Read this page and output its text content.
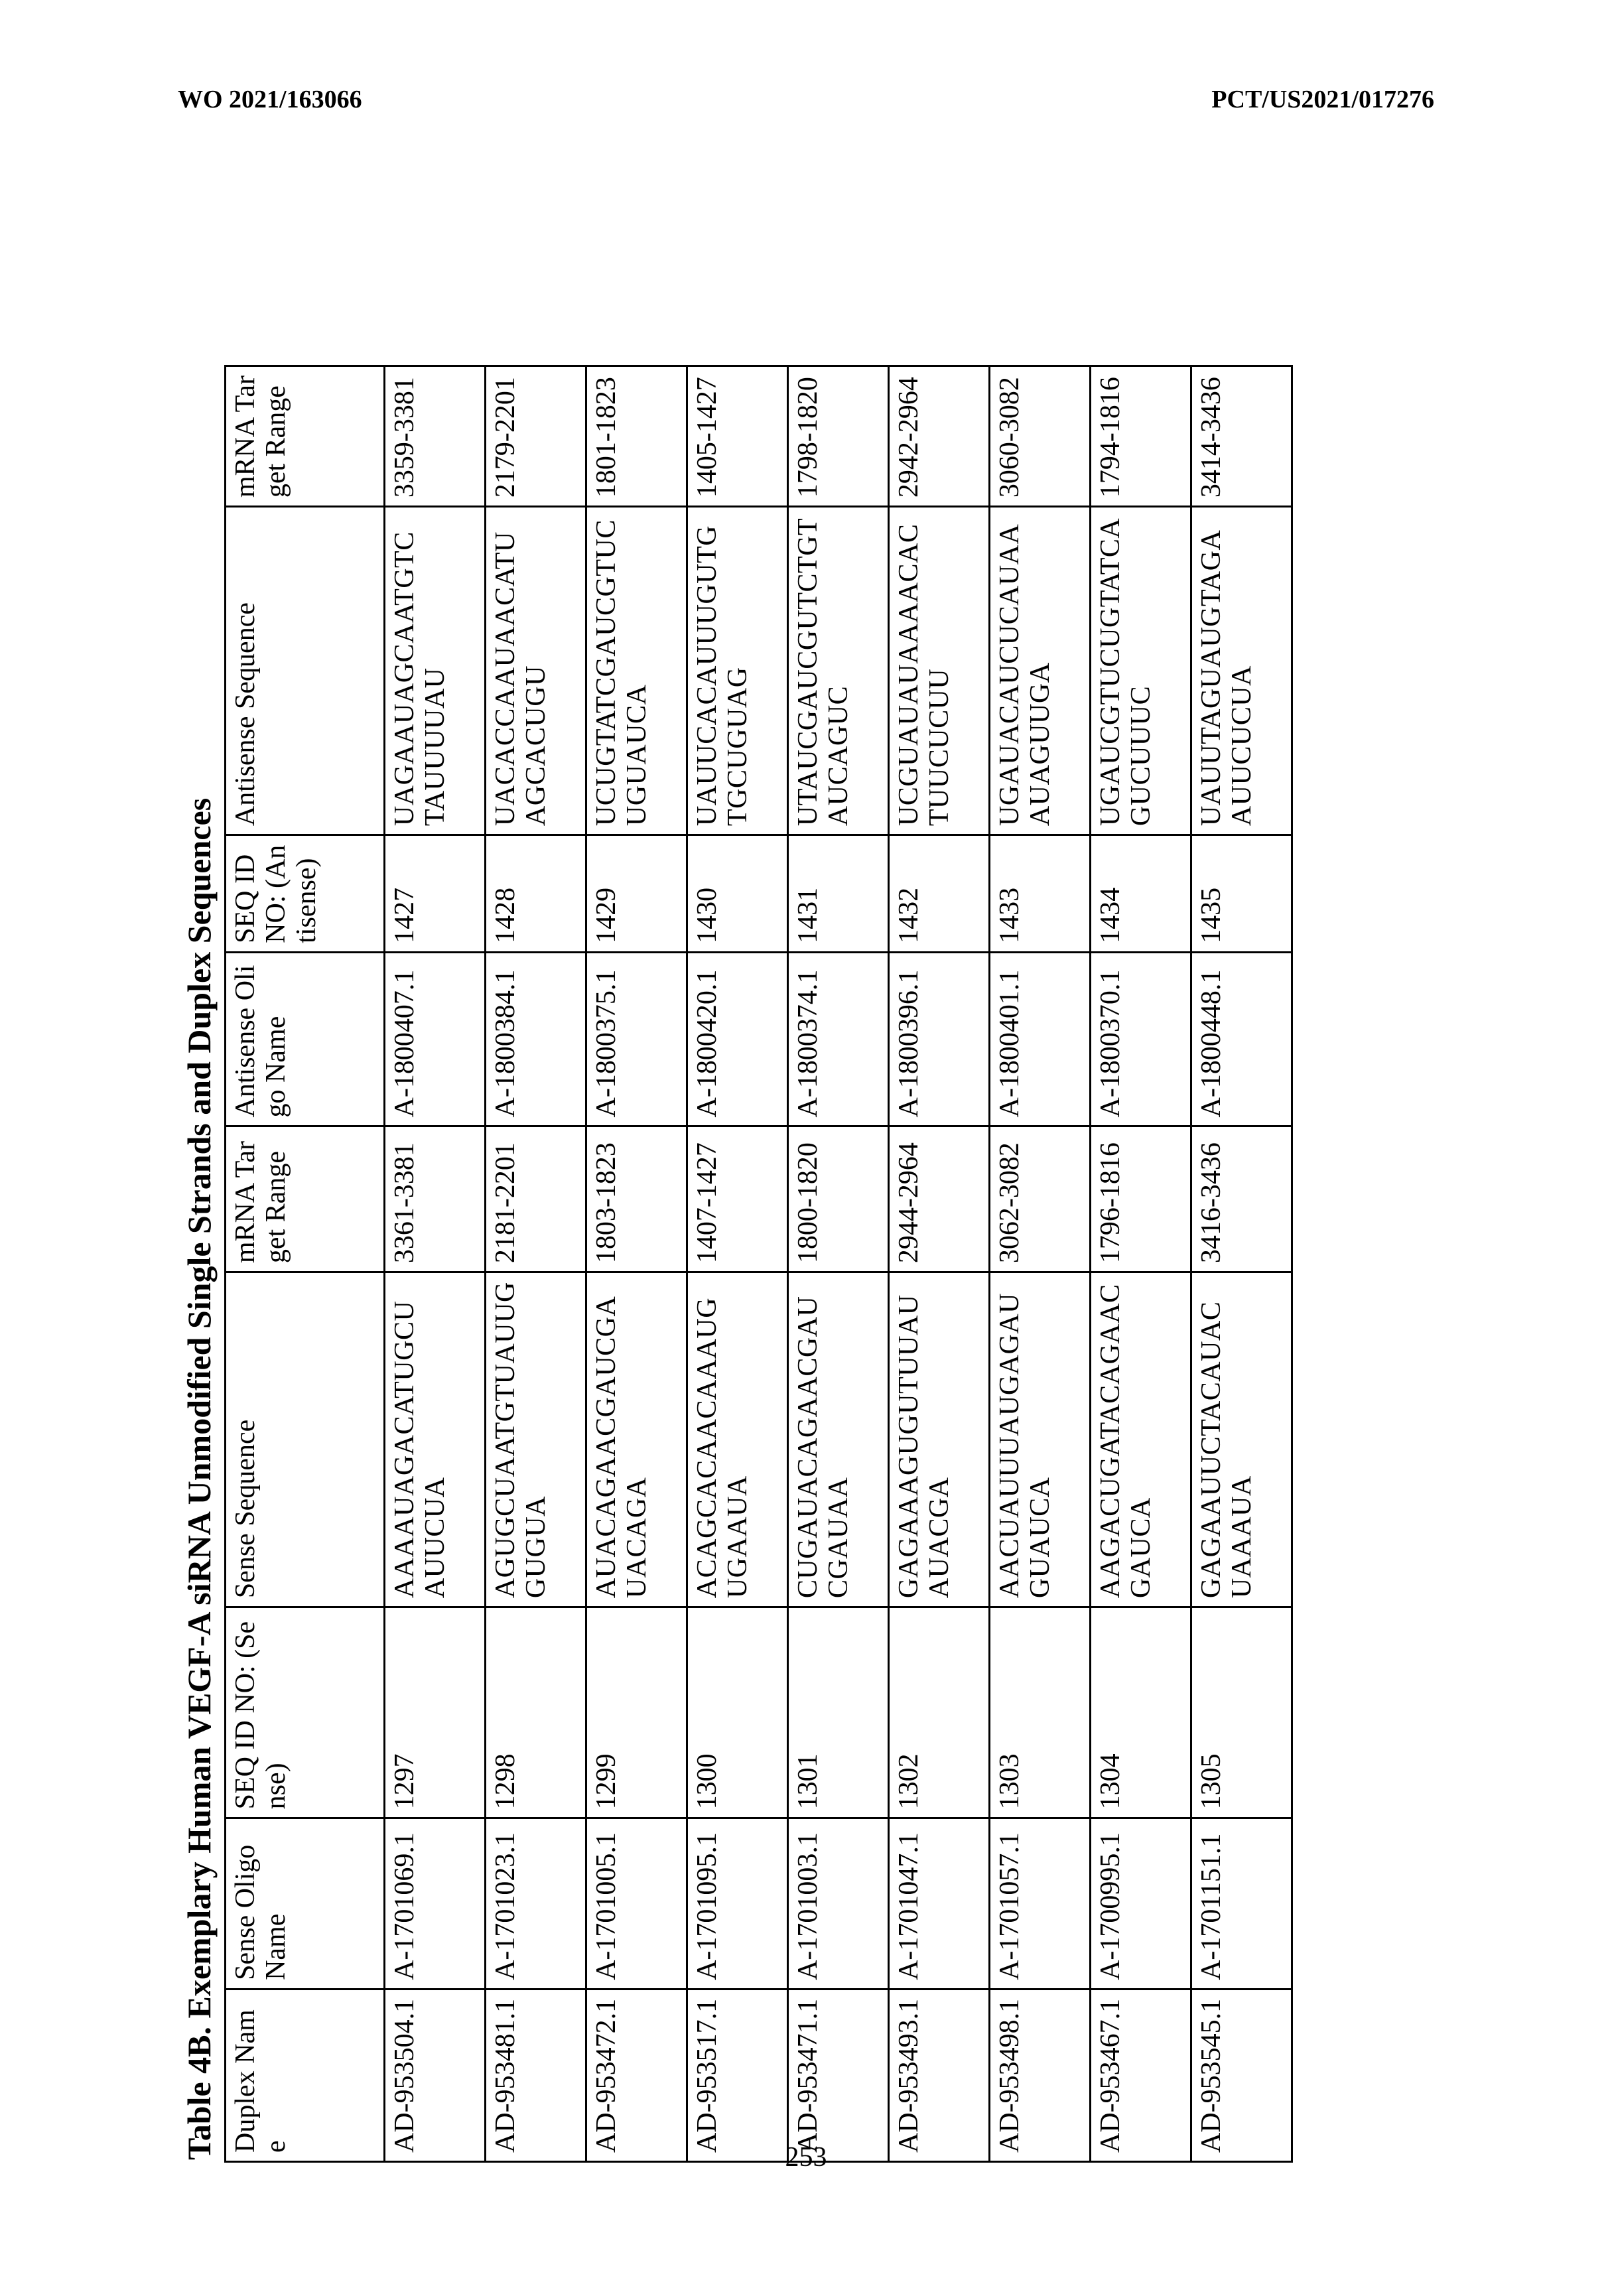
WO 2021/163066	PCT/US2021/017276
Table 4B. Exemplary Human VEGF-A siRNA Unmodified Single Strands and Duplex Sequences Duplex Name	Sense Oligo Name	SEQ ID NO: (Sense)	Sense Sequence	mRNA Target Range	Antisense Oligo Name	SEQ ID NO: (Antisense)	Antisense Sequence	mRNA Target Range
AD-953504.1	A-1701069.1	1297	AAAAUAGACATUGCUAUUCUA	3361-3381	A-1800407.1	1427	UAGAAUAGCAATGTCTAUUUUAU	3359-3381
AD-953481.1	A-1701023.1	1298	AGUGCUAATGTUAUUGGUGUA	2181-2201	A-1800384.1	1428	UACACCAAUAACATUAGCACUGU	2179-2201
AD-953472.1	A-1701005.1	1299	AUACAGAACGAUCGAUACAGA	1803-1823	A-1800375.1	1429	UCUGTATCGAUCGTUCUGUAUCA	1801-1823
AD-953517.1	A-1701095.1	1300	ACAGCACAACAAAUGUGAAUA	1407-1427	A-1800420.1	1430	UAUUCACAUUUGUTGTGCUGUAG	1405-1427
AD-953471.1	A-1701003.1	1301	CUGAUACAGAACGAUCGAUAA	1800-1820	A-1800374.1	1431	UTAUCGAUCGUTCTGTAUCAGUC	1798-1820
AD-953493.1	A-1701047.1	1302	GAGAAAGUGUTUUAUAUACGA	2944-2964	A-1800396.1	1432	UCGUAUAUAAAACACTUUCUCUU	2942-2964
AD-953498.1	A-1701057.1	1303	AACUAUUUAUGAGAUGUAUCA	3062-3082	A-1800401.1	1433	UGAUACAUCUCAUAAAUAGUUGA	3060-3082
AD-953467.1	A-1700995.1	1304	AAGACUGATACAGAACGAUCA	1796-1816	A-1800370.1	1434	UGAUCGTUCUGTATCAGUCUUUC	1794-1816
AD-953545.1	A-1701151.1	1305	GAGAAUUCTACAUACUAAAUA	3416-3436	A-1800448.1	1435	UAUUTAGUAUGTAGAAUUCUCUA	3414-3436
253
